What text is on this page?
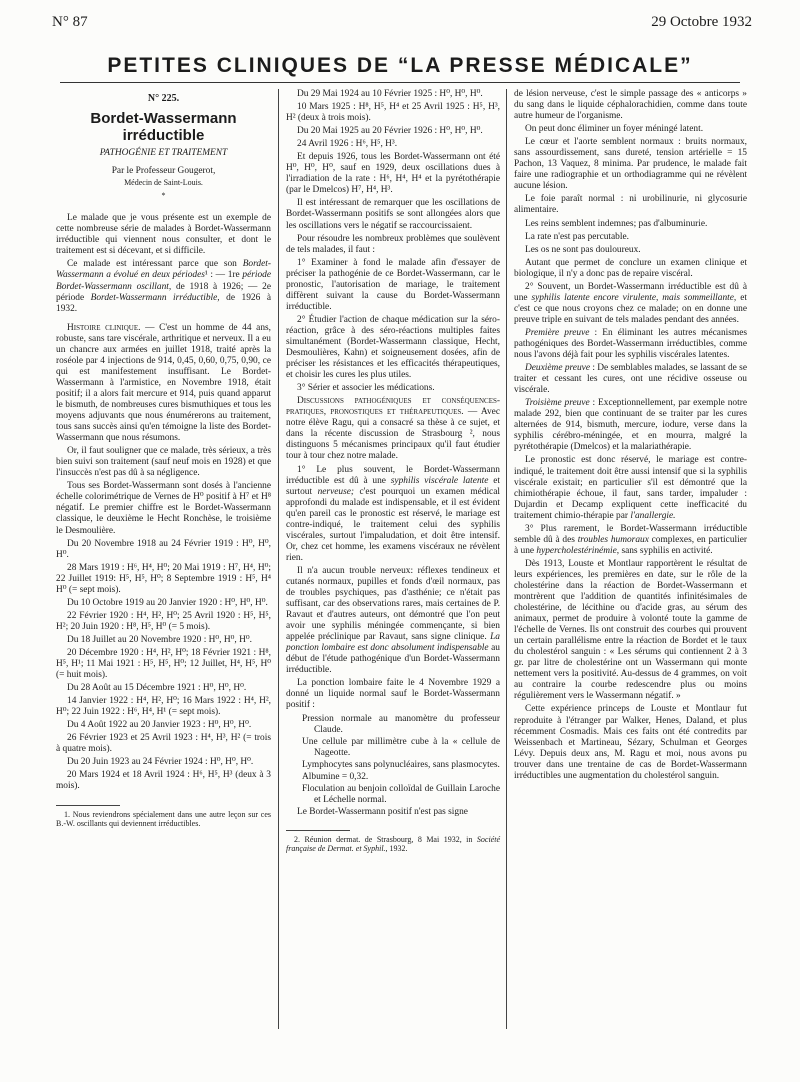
N° 87	29 Octobre 1932
PETITES CLINIQUES DE “LA PRESSE MÉDICALE”
N° 225.
Bordet-Wassermann
irréductible
PATHOGÉNIE ET TRAITEMENT
Par le Professeur Gougerot,
Médecin de Saint-Louis.
*

Le malade que je vous présente est un exemple de cette nombreuse série de malades à Bordet-Wassermann irréductible qui viennent nous consulter, et dont le traitement est si décevant, et si difficile.

Ce malade est intéressant parce que son Bordet-Wassermann a évolué en deux périodes¹ : — 1re période Bordet-Wassermann oscillant, de 1918 à 1926; — 2e période Bordet-Wassermann irréductible, de 1926 à 1932.

Histoire clinique. — C'est un homme de 44 ans, robuste, sans tare viscérale, arthritique et nerveux. Il a eu un chancre aux armées en juillet 1918, traité après la roséole par 4 injections de 914, 0,45, 0,60, 0,75, 0,90, ce qui est manifestement insuffisant. Le Bordet-Wassermann à l'armistice, en Novembre 1918, était positif; il a alors fait mercure et 914, puis quand apparut le bismuth, de nombreuses cures bismuthiques et tous les moyens adjuvants que nous énumérerons au traitement, tous sans succès ainsi qu'en témoigne la liste des Bordet-Wassermann que nous résumons.

Or, il faut souligner que ce malade, très sérieux, a très bien suivi son traitement (sauf neuf mois en 1928) et que l'insuccès n'est pas dû à sa négligence.

Tous ses Bordet-Wassermann sont dosés à l'ancienne échelle colorimétrique de Vernes de H⁰ positif à H⁷ et H⁸ négatif. Le premier chiffre est le Bordet-Wassermann classique, le deuxième le Hecht Ronchèse, le troisième le Desmoulière.

Du 20 Novembre 1918 au 24 Février 1919 : H⁰, H⁰, H⁰.

28 Mars 1919 : H⁶, H⁴, H⁰; 20 Mai 1919 : H⁷, H⁴, H⁰; 22 Juillet 1919: H⁵, H⁵, H⁰; 8 Septembre 1919 : H⁵, H⁴ H⁰ (= sept mois).

Du 10 Octobre 1919 au 20 Janvier 1920 : H⁰, H⁰, H⁰.

22 Février 1920 : H⁴, H², H⁰; 25 Avril 1920 : H⁵, H⁵, H²; 20 Juin 1920 : H⁸, H⁵, H⁰ (= 5 mois).

Du 18 Juillet au 20 Novembre 1920 : H⁰, H⁰, H⁰.

20 Décembre 1920 : H⁴, H², H⁰; 18 Février 1921 : H⁸, H⁵, H¹; 11 Mai 1921 : H⁵, H⁵, H⁰; 12 Juillet, H⁴, H⁵, H⁰ (= huit mois).

Du 28 Août au 15 Décembre 1921 : H⁰, H⁰, H⁰.

14 Janvier 1922 : H⁴, H², H⁰; 16 Mars 1922 : H⁴, H², H⁰; 22 Juin 1922 : H⁶, H⁴, H¹ (= sept mois).

Du 4 Août 1922 au 20 Janvier 1923 : H⁰, H⁰, H⁰.

26 Février 1923 et 25 Avril 1923 : H⁴, H³, H² (= trois à quatre mois).

Du 20 Juin 1923 au 24 Février 1924 : H⁰, H⁰, H⁰.

20 Mars 1924 et 18 Avril 1924 : H⁶, H⁵, H³ (deux à 3 mois).

1. Nous reviendrons spécialement dans une autre leçon sur ces B.-W. oscillants qui deviennent irréductibles.

Du 29 Mai 1924 au 10 Février 1925 : H⁰, H⁰, H⁰.

10 Mars 1925 : H⁸, H⁵, H⁴ et 25 Avril 1925 : H⁵, H³, H² (deux à trois mois).

Du 20 Mai 1925 au 20 Février 1926 : H⁰, H⁰, H⁰.

24 Avril 1926 : H⁶, H⁵, H³.

Et depuis 1926, tous les Bordet-Wassermann ont été H⁰, H⁰, H⁰, sauf en 1929, deux oscillations dues à l'irradiation de la rate : H⁶, H⁴, H⁴ et la pyrétothérapie (par le Dmelcos) H⁷, H⁴, H³.

Il est intéressant de remarquer que les oscillations de Bordet-Wassermann positifs se sont allongées alors que les oscillations vers le négatif se raccourcissaient.

Pour résoudre les nombreux problèmes que soulèvent de tels malades, il faut :

1° Examiner à fond le malade afin d'essayer de préciser la pathogénie de ce Bordet-Wassermann, car le pronostic, l'autorisation de mariage, le traitement diffèrent suivant la cause du Bordet-Wassermann irréductible.

2° Étudier l'action de chaque médication sur la séro-réaction, grâce à des séro-réactions multiples faites simultanément (Bordet-Wassermann classique, Hecht, Desmoulières, Kahn) et soigneusement dosées, afin de préciser les résistances et les efficacités thérapeutiques, et choisir les cures les plus utiles.

3° Sérier et associer les médications.

Discussions pathogéniques et conséquences-pratiques, pronostiques et thérapeutiques. — Avec notre élève Ragu, qui a consacré sa thèse à ce sujet, et dans la récente discussion de Strasbourg ², nous distinguons 5 mécanismes principaux qu'il faut étudier tour à tour chez notre malade.

1° Le plus souvent, le Bordet-Wassermann irréductible est dû à une syphilis viscérale latente et surtout nerveuse; c'est pourquoi un examen médical approfondi du malade est indispensable, et il est évident qu'en pareil cas le pronostic est réservé, le mariage est contre-indiqué, le traitement celui des syphilis viscérales, surtout l'impaludation, et doit être intensif. Or, chez cet homme, les examens viscéraux ne révèlent rien.

Il n'a aucun trouble nerveux: réflexes tendineux et cutanés normaux, pupilles et fonds d'œil normaux, pas de troubles psychiques, pas d'asthénie; ce n'était pas suffisant, car des observations rares, mais certaines de P. Ravaut et d'autres auteurs, ont démontré que l'on peut avoir une syphilis méningée commençante, si bien appelée préclinique par Ravaut, sans signe clinique. La ponction lombaire est donc absolument indispensable au début de l'étude pathogénique d'un Bordet-Wassermann irréductible.

La ponction lombaire faite le 4 Novembre 1929 a donné un liquide normal sauf le Bordet-Wassermann positif :

Pression normale au manomètre du professeur Claude.

Une cellule par millimètre cube à la « cellule de Nageotte.

Lymphocytes sans polynucléaires, sans plasmocytes.

Albumine = 0,32.

Floculation au benjoin colloïdal de Guillain Laroche et Léchelle normal.

Le Bordet-Wassermann positif n'est pas signe

2. Réunion dermat. de Strasbourg, 8 Mai 1932, in Société française de Dermat. et Syphil., 1932.

de lésion nerveuse, c'est le simple passage des « anticorps » du sang dans le liquide céphalorachidien, comme dans toute autre humeur de l'organisme.

On peut donc éliminer un foyer méningé latent.

Le cœur et l'aorte semblent normaux : bruits normaux, sans assourdissement, sans dureté, tension artérielle = 15 Pachon, 13 Vaquez, 8 minima. Par prudence, le malade fait faire une radiographie et un orthodiagramme qui ne révèlent aucune lésion.

Le foie paraît normal : ni urobilinurie, ni glycosurie alimentaire.

Les reins semblent indemnes; pas d'albuminurie.

La rate n'est pas percutable.

Les os ne sont pas douloureux.

Autant que permet de conclure un examen clinique et biologique, il n'y a donc pas de repaire viscéral.

2° Souvent, un Bordet-Wassermann irréductible est dû à une syphilis latente encore virulente, mais sommeillante, et c'est ce que nous croyons chez ce malade; on en donne une preuve triple en suivant de tels malades pendant des années.

Première preuve : En éliminant les autres mécanismes pathogéniques des Bordet-Wassermann irréductibles, comme nous l'avons déjà fait pour les syphilis viscérales latentes.

Deuxième preuve : De semblables malades, se lassant de se traiter et cessant les cures, ont une récidive osseuse ou viscérale.

Troisième preuve : Exceptionnellement, par exemple notre malade 292, bien que continuant de se traiter par les cures alternées de 914, bismuth, mercure, iodure, verse dans la syphilis cérébro-méningée, et en mourra, malgré la pyrétothérapie (Dmelcos) et la malariathérapie.

Le pronostic est donc réservé, le mariage est contre-indiqué, le traitement doit être aussi intensif que si la syphilis viscérale existait; en particulier s'il est démontré que la chimiothérapie échoue, il faut, sans tarder, impaluder : Dujardin et Decamp expliquent cette inefficacité du traitement chimio-thérapie par l'anallergie.

3° Plus rarement, le Bordet-Wassermann irréductible semble dû à des troubles humoraux complexes, en particulier à une hypercholestérinémie, sans syphilis en activité.

Dès 1913, Louste et Montlaur rapportèrent le résultat de leurs expériences, les premières en date, sur le rôle de la cholestérine dans la réaction de Bordet-Wassermann et montrèrent que l'addition de quantités infinitésimales de cholestérine, de lécithine ou d'acide gras, au sérum des animaux, permet de produire à volonté toute la gamme de l'échelle de Vernes. Ils ont construit des courbes qui prouvent un certain parallélisme entre la réaction de Bordet et le taux du cholestérol sanguin : « Les sérums qui contiennent 2 à 3 gr. par litre de cholestérine ont un Wassermann qui monte nettement vers la positivité. Au-dessus de 4 grammes, on voit au contraire la courbe redescendre plus ou moins régulièrement vers le Wassermann négatif. »

Cette expérience princeps de Louste et Montlaur fut reproduite à l'étranger par Walker, Henes, Daland, et plus récemment Cosmadis. Mais ces faits ont été contredits par Weissenbach et Martineau, Sézary, Schulman et Georges Lévy. Depuis deux ans, M. Ragu et moi, nous avons pu trouver dans une trentaine de cas de Bordet-Wassermann irréductibles une augmentation du cholestérol sanguin.
